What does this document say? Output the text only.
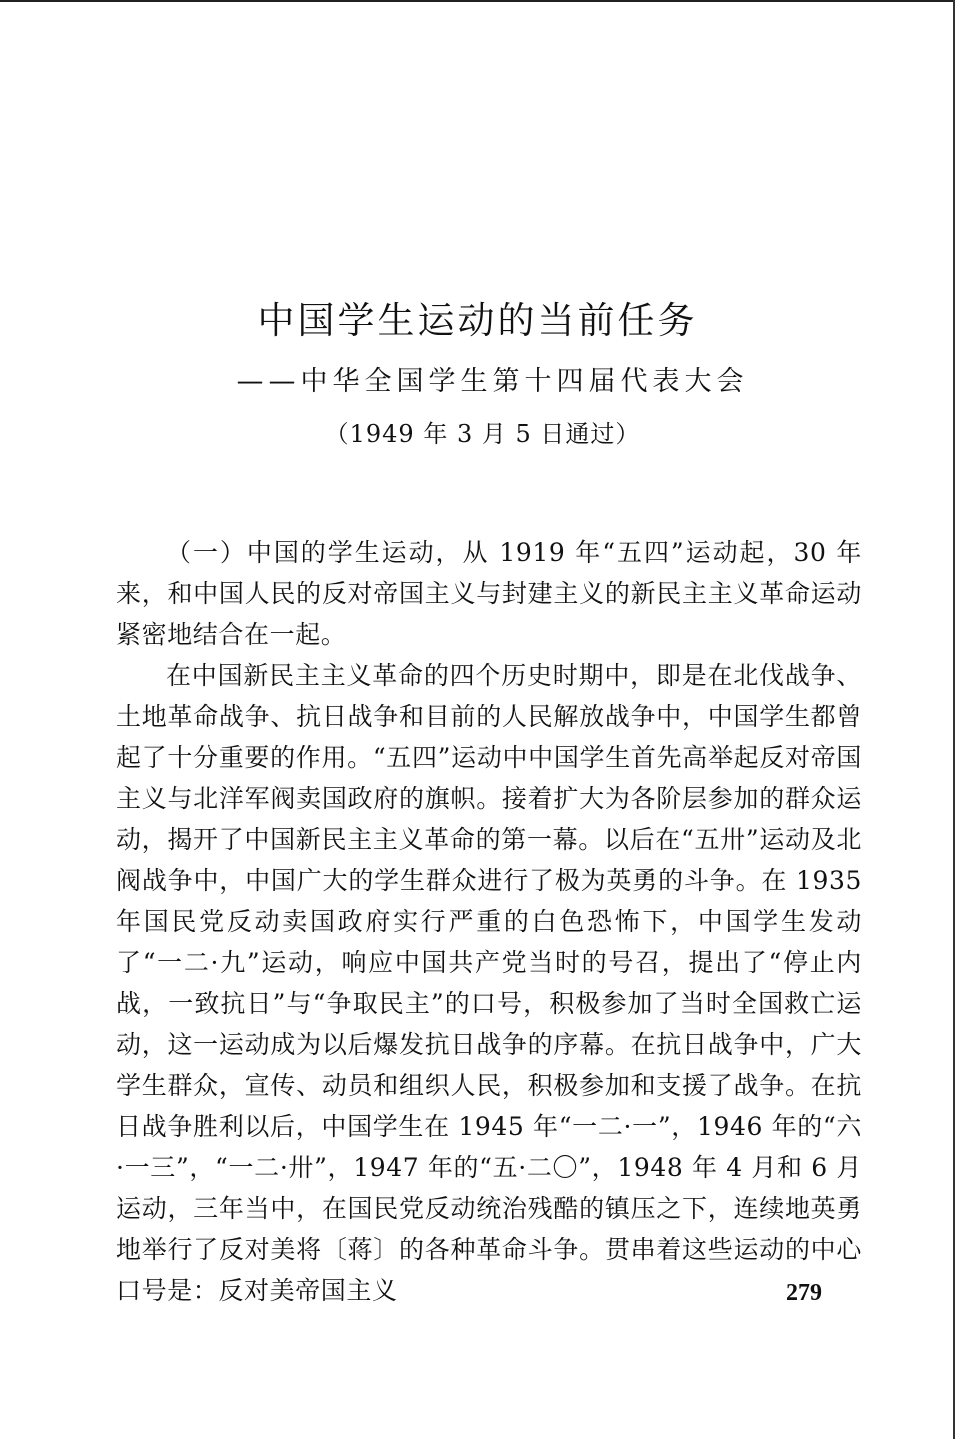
中国学生运动的当前任务
——中华全国学生第十四届代表大会
（1949 年 3 月 5 日通过）

（一）中国的学生运动，从 1919 年“五四”运动起，30 年来，和中国人民的反对帝国主义与封建主义的新民主主义革命运动紧密地结合在一起。

在中国新民主主义革命的四个历史时期中，即是在北伐战争、土地革命战争、抗日战争和目前的人民解放战争中，中国学生都曾起了十分重要的作用。“五四”运动中中国学生首先高举起反对帝国主义与北洋军阀卖国政府的旗帜。接着扩大为各阶层参加的群众运动，揭开了中国新民主主义革命的第一幕。以后在“五卅”运动及北阀战争中，中国广大的学生群众进行了极为英勇的斗争。在 1935 年国民党反动卖国政府实行严重的白色恐怖下，中国学生发动了“一二·九”运动，响应中国共产党当时的号召，提出了“停止内战，一致抗日”与“争取民主”的口号，积极参加了当时全国救亡运动，这一运动成为以后爆发抗日战争的序幕。在抗日战争中，广大学生群众，宣传、动员和组织人民，积极参加和支援了战争。在抗日战争胜利以后，中国学生在 1945 年“一二·一”，1946 年的“六·一三”，“一二·卅”，1947 年的“五·二〇”，1948 年 4 月和 6 月运动，三年当中，在国民党反动统治残酷的镇压之下，连续地英勇地举行了反对美将〔蒋〕的各种革命斗争。贯串着这些运动的中心口号是：反对美帝国主义	279
